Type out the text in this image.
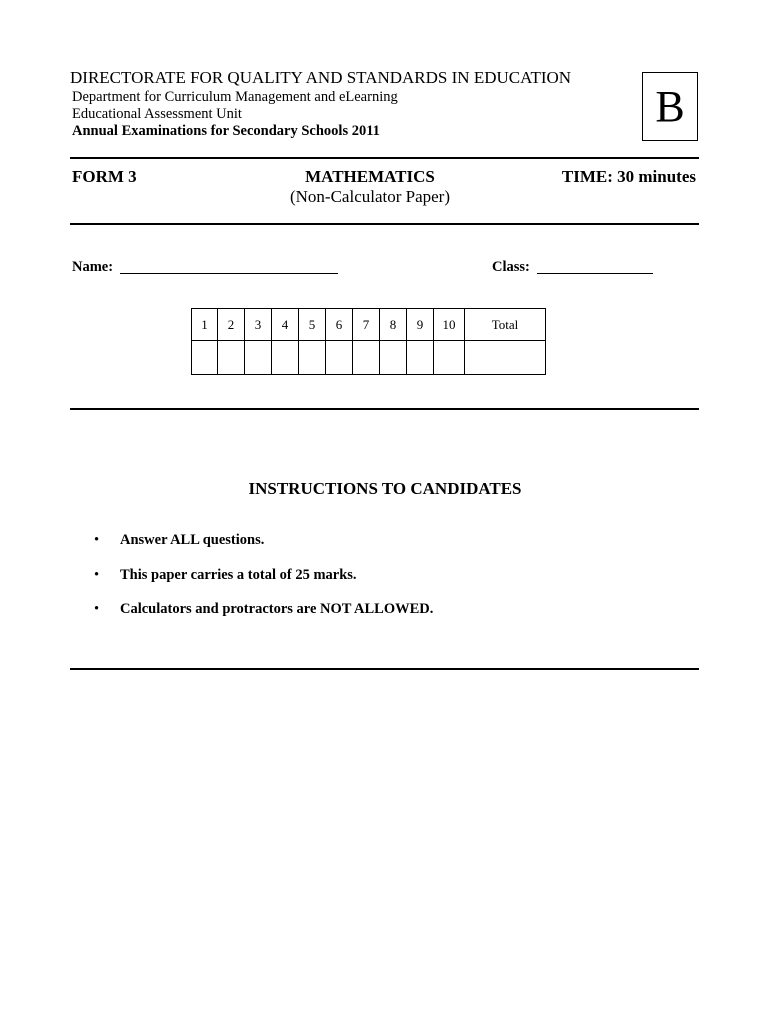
DIRECTORATE FOR QUALITY AND STANDARDS IN EDUCATION
Department for Curriculum Management and eLearning
Educational Assessment Unit
Annual Examinations for Secondary Schools 2011
B
FORM 3	MATHEMATICS
(Non-Calculator Paper)
TIME: 30 minutes
Name:	Class:
1	2	3	4	5	6	7	8	9	10	Total

INSTRUCTIONS TO CANDIDATES
•	Answer ALL questions.
•	This paper carries a total of 25 marks.
•	Calculators and protractors are NOT ALLOWED.
